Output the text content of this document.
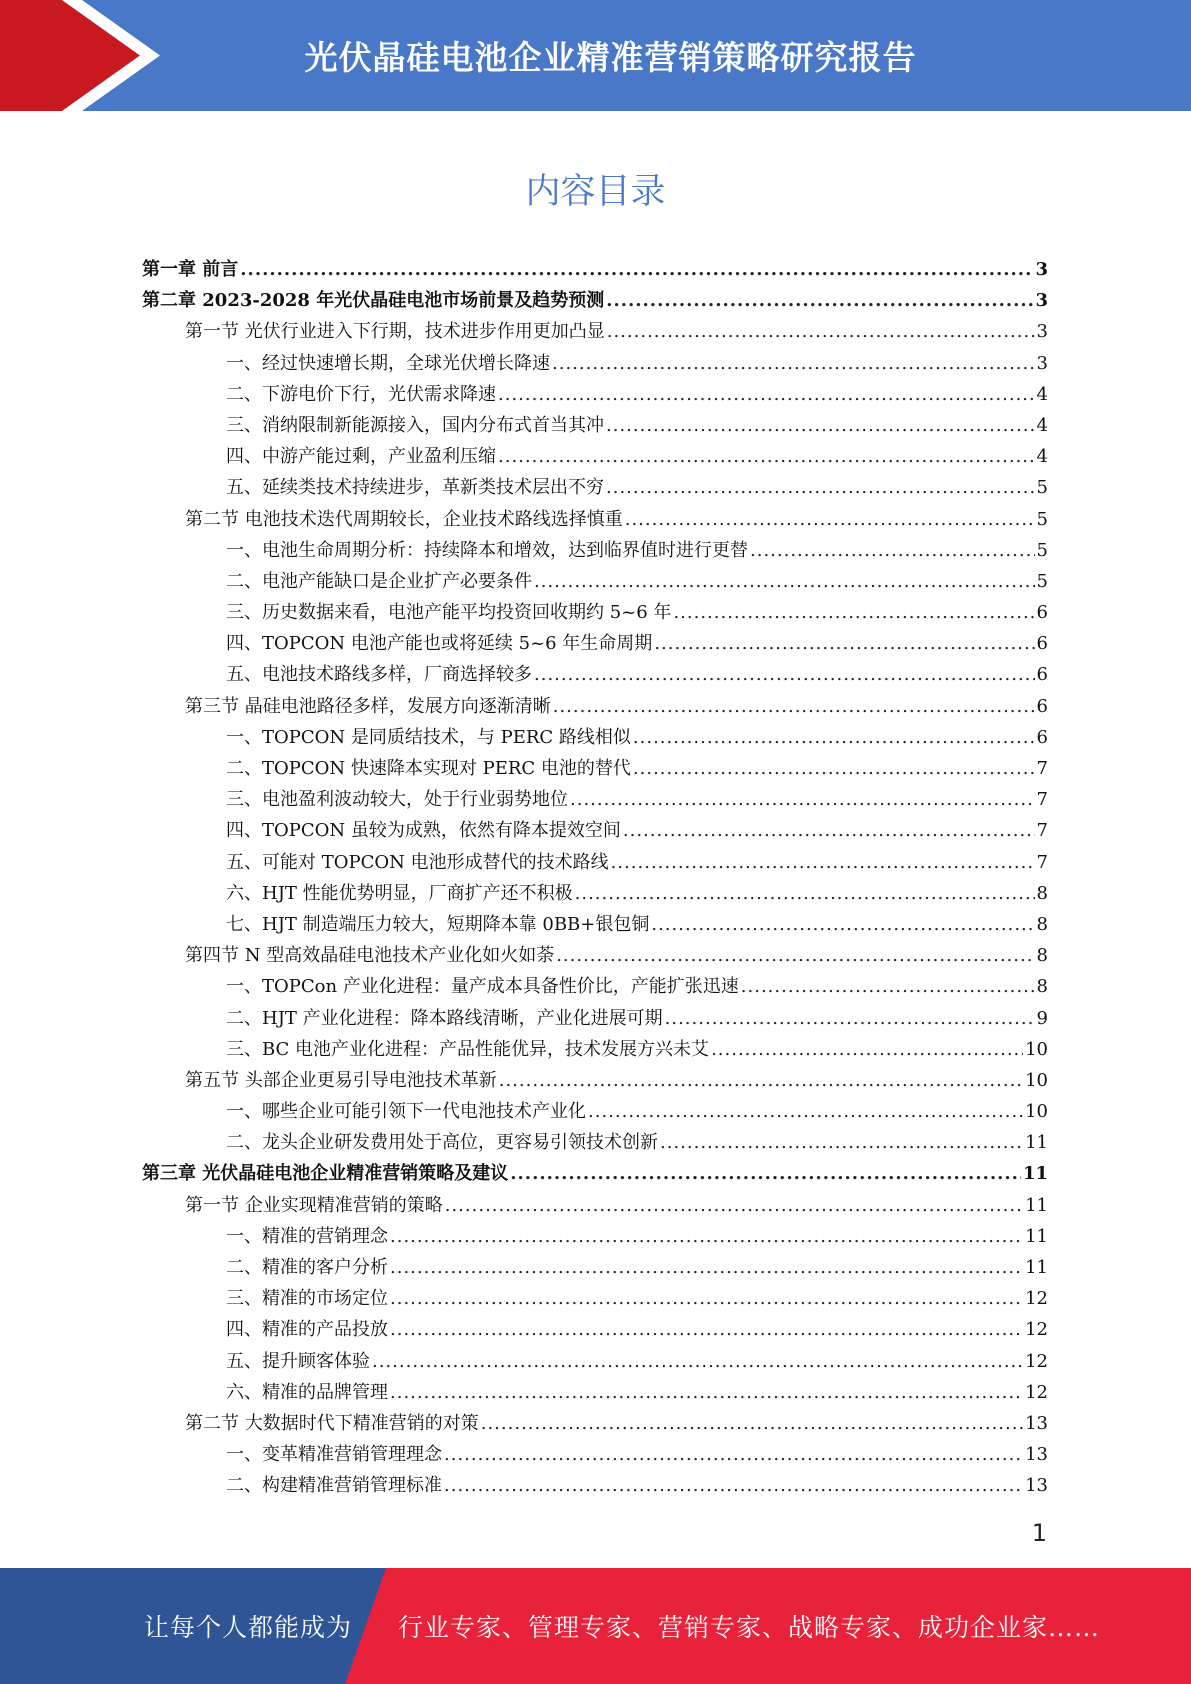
光伏晶硅电池企业精准营销策略研究报告
内容目录
第一章 前言 .....	3
第二章 2023-2028 年光伏晶硅电池市场前景及趋势预测 .....	3
第一节 光伏行业进入下行期，技术进步作用更加凸显 .....	3
一、经过快速增长期，全球光伏增长降速 .....	3
二、下游电价下行，光伏需求降速 .....	4
三、消纳限制新能源接入，国内分布式首当其冲 .....	4
四、中游产能过剩，产业盈利压缩 .....	4
五、延续类技术持续进步，革新类技术层出不穷 .....	5
第二节 电池技术迭代周期较长，企业技术路线选择慎重 .....	5
一、电池生命周期分析：持续降本和增效，达到临界值时进行更替 .....	5
二、电池产能缺口是企业扩产必要条件 .....	5
三、历史数据来看，电池产能平均投资回收期约 5~6 年 .....	6
四、TOPCON 电池产能也或将延续 5~6 年生命周期 .....	6
五、电池技术路线多样，厂商选择较多 .....	6
第三节 晶硅电池路径多样，发展方向逐渐清晰 .....	6
一、TOPCON 是同质结技术，与 PERC 路线相似 .....	6
二、TOPCON 快速降本实现对 PERC 电池的替代 .....	7
三、电池盈利波动较大，处于行业弱势地位 .....	7
四、TOPCON 虽较为成熟，依然有降本提效空间 .....	7
五、可能对 TOPCON 电池形成替代的技术路线 .....	7
六、HJT 性能优势明显，厂商扩产还不积极 .....	8
七、HJT 制造端压力较大，短期降本靠 0BB+银包铜 .....	8
第四节 N 型高效晶硅电池技术产业化如火如荼 .....	8
一、TOPCon 产业化进程：量产成本具备性价比，产能扩张迅速 .....	8
二、HJT 产业化进程：降本路线清晰，产业化进展可期 .....	9
三、BC 电池产业化进程：产品性能优异，技术发展方兴未艾 .....	10
第五节 头部企业更易引导电池技术革新 .....	10
一、哪些企业可能引领下一代电池技术产业化 .....	10
二、龙头企业研发费用处于高位，更容易引领技术创新 .....	11
第三章 光伏晶硅电池企业精准营销策略及建议 .....	11
第一节 企业实现精准营销的策略 .....	11
一、精准的营销理念 .....	11
二、精准的客户分析 .....	11
三、精准的市场定位 .....	12
四、精准的产品投放 .....	12
五、提升顾客体验 .....	12
六、精准的品牌管理 .....	12
第二节 大数据时代下精准营销的对策 .....	13
一、变革精准营销管理理念 .....	13
二、构建精准营销管理标准 .....	13
1
让每个人都能成为 行业专家、管理专家、营销专家、战略专家、成功企业家……
